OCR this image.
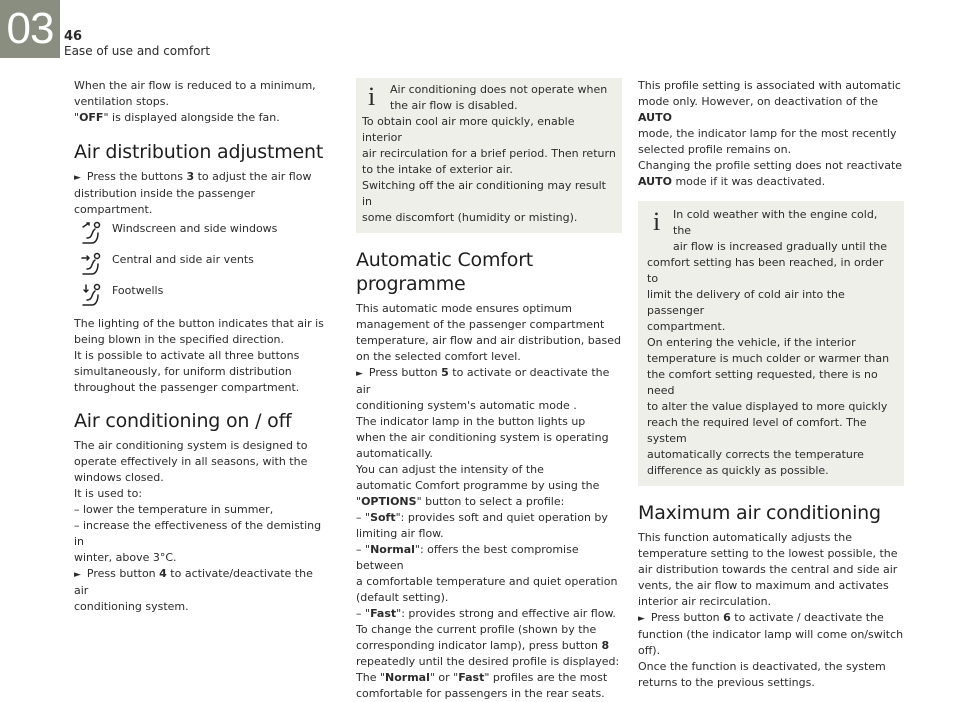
03 46
Ease of use and comfort

When the air flow is reduced to a minimum,

ventilation stops.

"OFF" is displayed alongside the fan.

Air distribution adjustment

► Press the buttons 3 to adjust the air flow

distribution inside the passenger compartment.

Windscreen and side windows

Central and side air vents

Footwells

The lighting of the button indicates that air is

being blown in the specified direction.

It is possible to activate all three buttons

simultaneously, for uniform distribution

throughout the passenger compartment.

Air conditioning on / off

The air conditioning system is designed to

operate effectively in all seasons, with the

windows closed.

It is used to:

– lower the temperature in summer,

– increase the effectiveness of the demisting in

winter, above 3°C.

► Press button 4 to activate/deactivate the air

conditioning system.

i	Air conditioning does not operate when

the air flow is disabled.

To obtain cool air more quickly, enable interior

air recirculation for a brief period. Then return

to the intake of exterior air.

Switching off the air conditioning may result in

some discomfort (humidity or misting).

Automatic Comfort programme

This automatic mode ensures optimum

management of the passenger compartment

temperature, air flow and air distribution, based

on the selected comfort level.

► Press button 5 to activate or deactivate the air

conditioning system's automatic mode .

The indicator lamp in the button lights up

when the air conditioning system is operating

automatically.

You can adjust the intensity of the

automatic Comfort programme by using the

"OPTIONS" button to select a profile:

– "Soft": provides soft and quiet operation by

limiting air flow.

– "Normal": offers the best compromise between

a comfortable temperature and quiet operation

(default setting).

– "Fast": provides strong and effective air flow.

To change the current profile (shown by the

corresponding indicator lamp), press button 8

repeatedly until the desired profile is displayed:

The "Normal" or "Fast" profiles are the most

comfortable for passengers in the rear seats.

This profile setting is associated with automatic

mode only. However, on deactivation of the AUTO

mode, the indicator lamp for the most recently

selected profile remains on.

Changing the profile setting does not reactivate

AUTO mode if it was deactivated.

i	In cold weather with the engine cold, the

air flow is increased gradually until the

comfort setting has been reached, in order to

limit the delivery of cold air into the passenger

compartment.

On entering the vehicle, if the interior

temperature is much colder or warmer than

the comfort setting requested, there is no need

to alter the value displayed to more quickly

reach the required level of comfort. The system

automatically corrects the temperature

difference as quickly as possible.

Maximum air conditioning

This function automatically adjusts the

temperature setting to the lowest possible, the

air distribution towards the central and side air

vents, the air flow to maximum and activates

interior air recirculation.

► Press button 6 to activate / deactivate the

function (the indicator lamp will come on/switch

off).

Once the function is deactivated, the system

returns to the previous settings.
